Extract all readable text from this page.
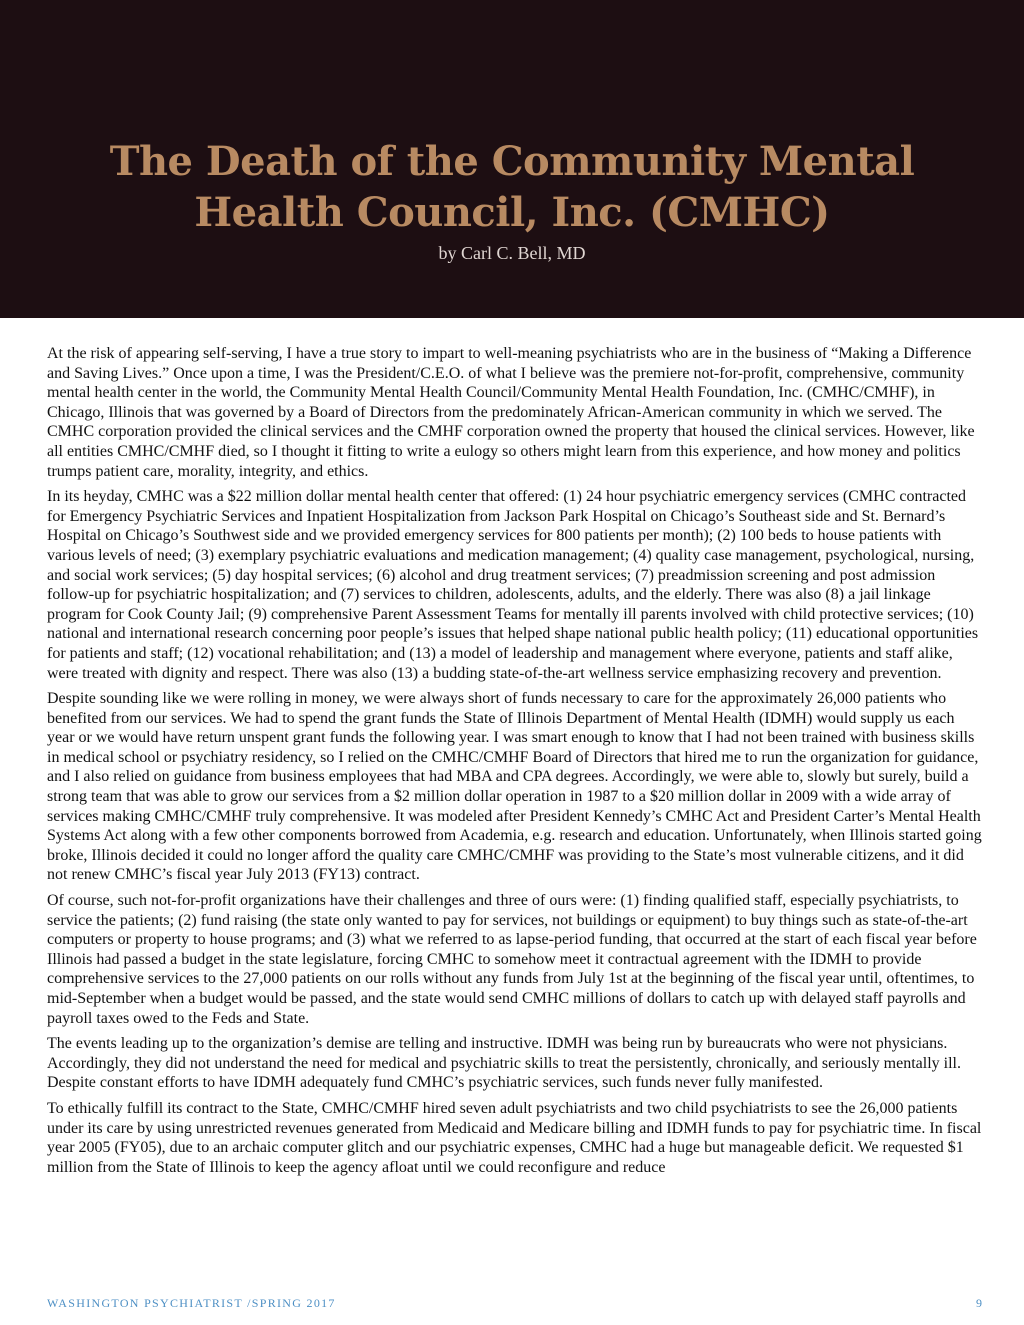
The Death of the Community Mental Health Council, Inc. (CMHC)
by Carl C. Bell, MD

At the risk of appearing self-serving, I have a true story to impart to well-meaning psychiatrists who are in the business of “Making a Difference and Saving Lives.” Once upon a time, I was the President/C.E.O. of what I believe was the premiere not-for-profit, comprehensive, community mental health center in the world, the Community Mental Health Council/Community Mental Health Foundation, Inc. (CMHC/CMHF), in Chicago, Illinois that was governed by a Board of Directors from the predominately African-American community in which we served. The CMHC corporation provided the clinical services and the CMHF corporation owned the property that housed the clinical services. However, like all entities CMHC/CMHF died, so I thought it fitting to write a eulogy so others might learn from this experience, and how money and politics trumps patient care, morality, integrity, and ethics.

In its heyday, CMHC was a $22 million dollar mental health center that offered: (1) 24 hour psychiatric emergency services (CMHC contracted for Emergency Psychiatric Services and Inpatient Hospitalization from Jackson Park Hospital on Chicago’s Southeast side and St. Bernard’s Hospital on Chicago’s Southwest side and we provided emergency services for 800 patients per month); (2) 100 beds to house patients with various levels of need; (3) exemplary psychiatric evaluations and medication management; (4) quality case management, psychological, nursing, and social work services; (5) day hospital services; (6) alcohol and drug treatment services; (7) preadmission screening and post admission follow-up for psychiatric hospitalization; and (7) services to children, adolescents, adults, and the elderly. There was also (8) a jail linkage program for Cook County Jail; (9) comprehensive Parent Assessment Teams for mentally ill parents involved with child protective services; (10) national and international research concerning poor people’s issues that helped shape national public health policy; (11) educational opportunities for patients and staff; (12) vocational rehabilitation; and (13) a model of leadership and management where everyone, patients and staff alike, were treated with dignity and respect. There was also (13) a budding state-of-the-art wellness service emphasizing recovery and prevention.

Despite sounding like we were rolling in money, we were always short of funds necessary to care for the approximately 26,000 patients who benefited from our services. We had to spend the grant funds the State of Illinois Department of Mental Health (IDMH) would supply us each year or we would have return unspent grant funds the following year. I was smart enough to know that I had not been trained with business skills in medical school or psychiatry residency, so I relied on the CMHC/CMHF Board of Directors that hired me to run the organization for guidance, and I also relied on guidance from business employees that had MBA and CPA degrees. Accordingly, we were able to, slowly but surely, build a strong team that was able to grow our services from a $2 million dollar operation in 1987 to a $20 million dollar in 2009 with a wide array of services making CMHC/CMHF truly comprehensive. It was modeled after President Kennedy’s CMHC Act and President Carter’s Mental Health Systems Act along with a few other components borrowed from Academia, e.g. research and education. Unfortunately, when Illinois started going broke, Illinois decided it could no longer afford the quality care CMHC/CMHF was providing to the State’s most vulnerable citizens, and it did not renew CMHC’s fiscal year July 2013 (FY13) contract.

Of course, such not-for-profit organizations have their challenges and three of ours were: (1) finding qualified staff, especially psychiatrists, to service the patients; (2) fund raising (the state only wanted to pay for services, not buildings or equipment) to buy things such as state-of-the-art computers or property to house programs; and (3) what we referred to as lapse-period funding, that occurred at the start of each fiscal year before Illinois had passed a budget in the state legislature, forcing CMHC to somehow meet it contractual agreement with the IDMH to provide comprehensive services to the 27,000 patients on our rolls without any funds from July 1st at the beginning of the fiscal year until, oftentimes, to mid-September when a budget would be passed, and the state would send CMHC millions of dollars to catch up with delayed staff payrolls and payroll taxes owed to the Feds and State.

The events leading up to the organization’s demise are telling and instructive. IDMH was being run by bureaucrats who were not physicians. Accordingly, they did not understand the need for medical and psychiatric skills to treat the persistently, chronically, and seriously mentally ill. Despite constant efforts to have IDMH adequately fund CMHC’s psychiatric services, such funds never fully manifested.

To ethically fulfill its contract to the State, CMHC/CMHF hired seven adult psychiatrists and two child psychiatrists to see the 26,000 patients under its care by using unrestricted revenues generated from Medicaid and Medicare billing and IDMH funds to pay for psychiatric time. In fiscal year 2005 (FY05), due to an archaic computer glitch and our psychiatric expenses, CMHC had a huge but manageable deficit. We requested $1 million from the State of Illinois to keep the agency afloat until we could reconfigure and reduce

WASHINGTON PSYCHIATRIST /SPRING 2017	9
